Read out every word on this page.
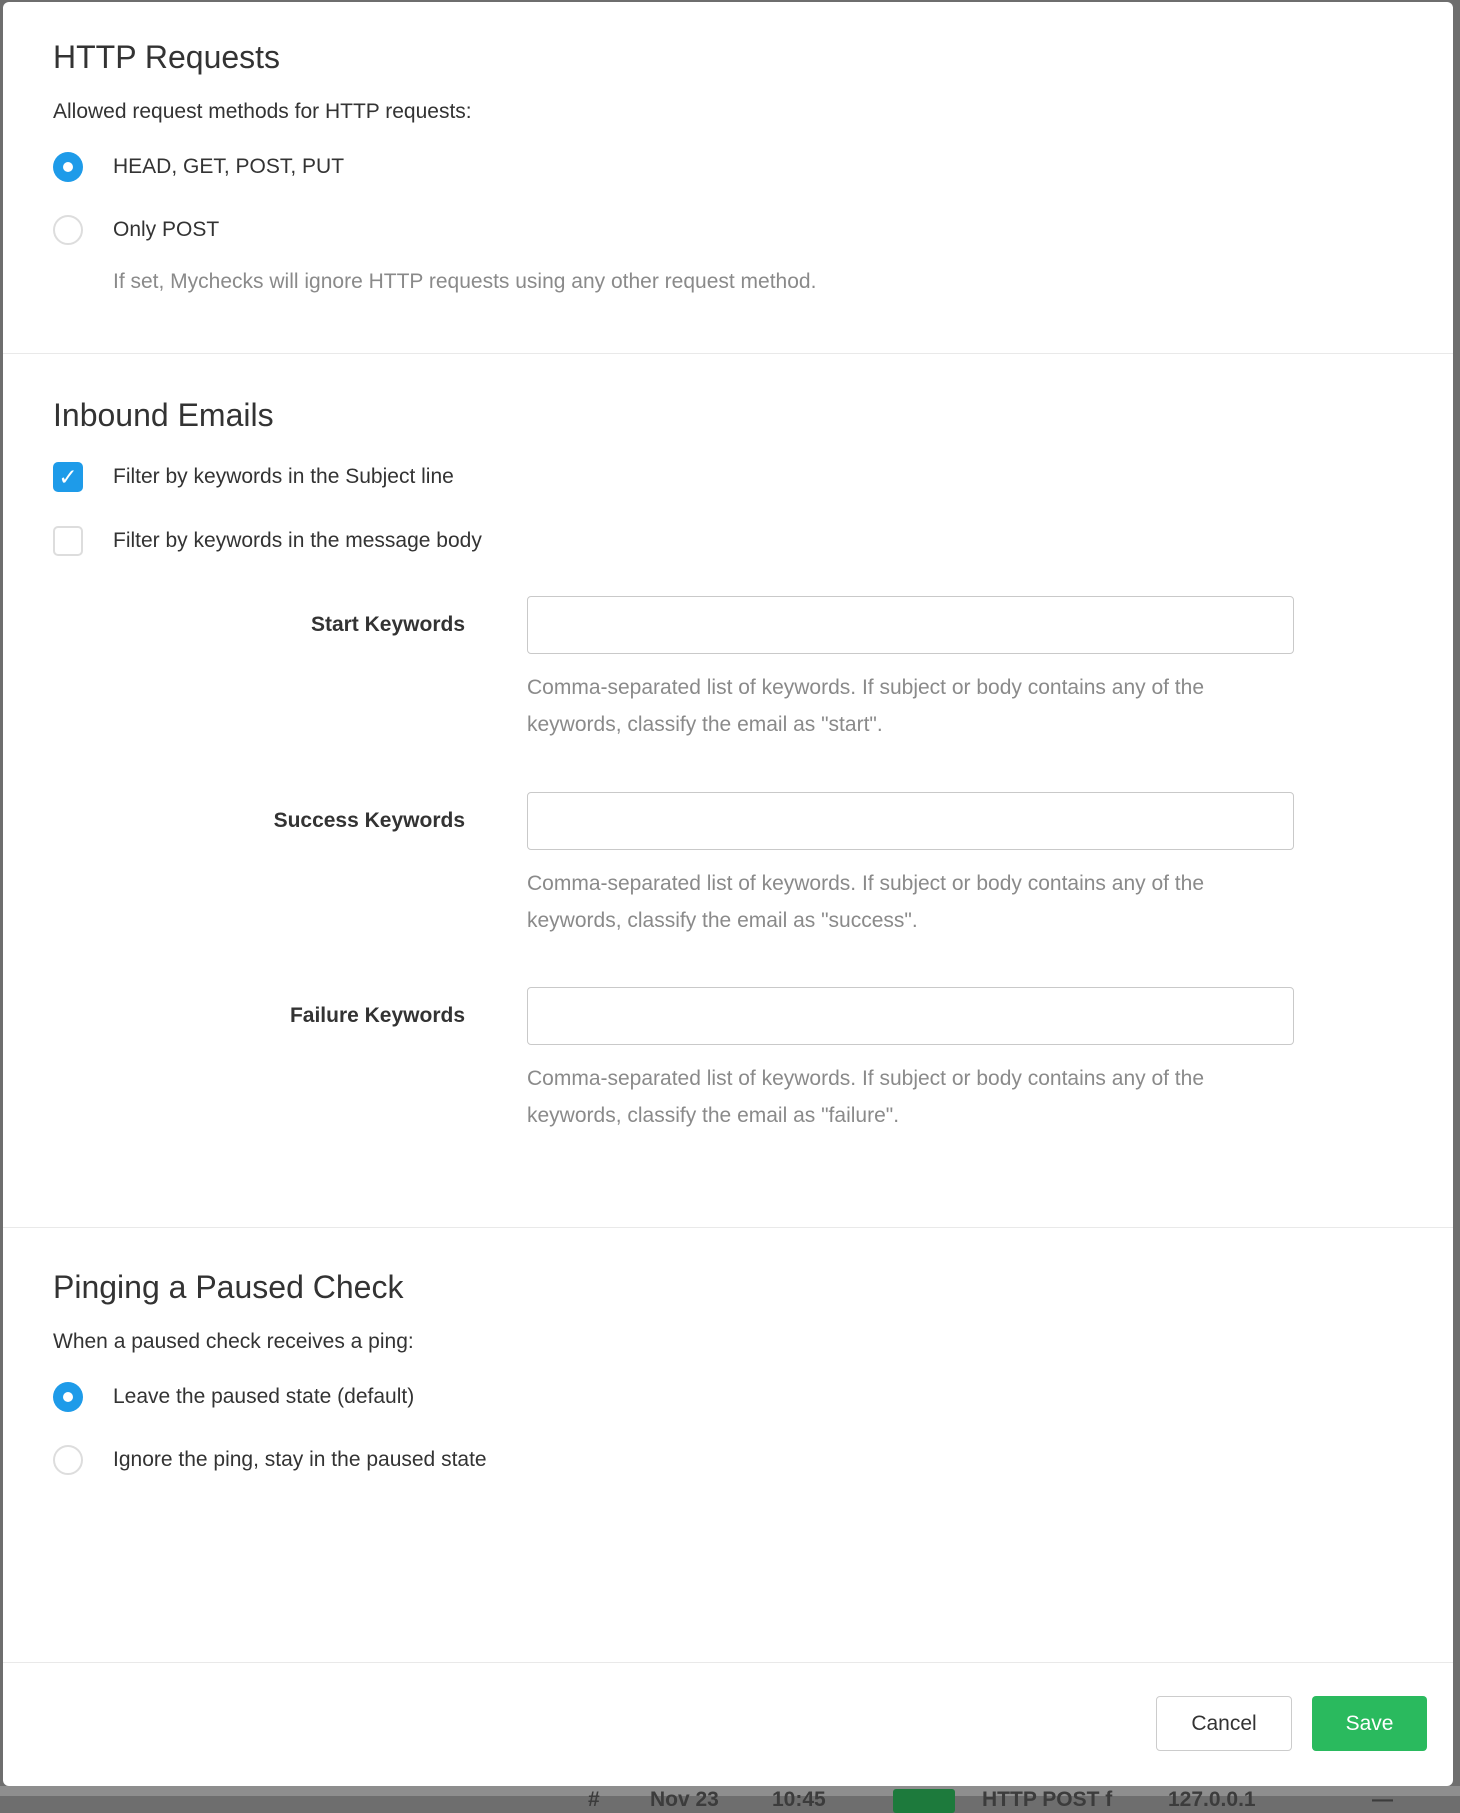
# Nov 23	10:45	HTTP POST f	127.0.0.1	—
HTTP Requests
Allowed request methods for HTTP requests:
HEAD, GET, POST, PUT
Only POST
If set, Mychecks will ignore HTTP requests using any other request method.
Inbound Emails
✓
Filter by keywords in the Subject line
Filter by keywords in the message body
Start Keywords
Comma-separated list of keywords. If subject or body contains any of the keywords, classify the email as "start".
Success Keywords
Comma-separated list of keywords. If subject or body contains any of the keywords, classify the email as "success".
Failure Keywords
Comma-separated list of keywords. If subject or body contains any of the keywords, classify the email as "failure".
Pinging a Paused Check
When a paused check receives a ping:
Leave the paused state (default)
Ignore the ping, stay in the paused state
Cancel	Save
